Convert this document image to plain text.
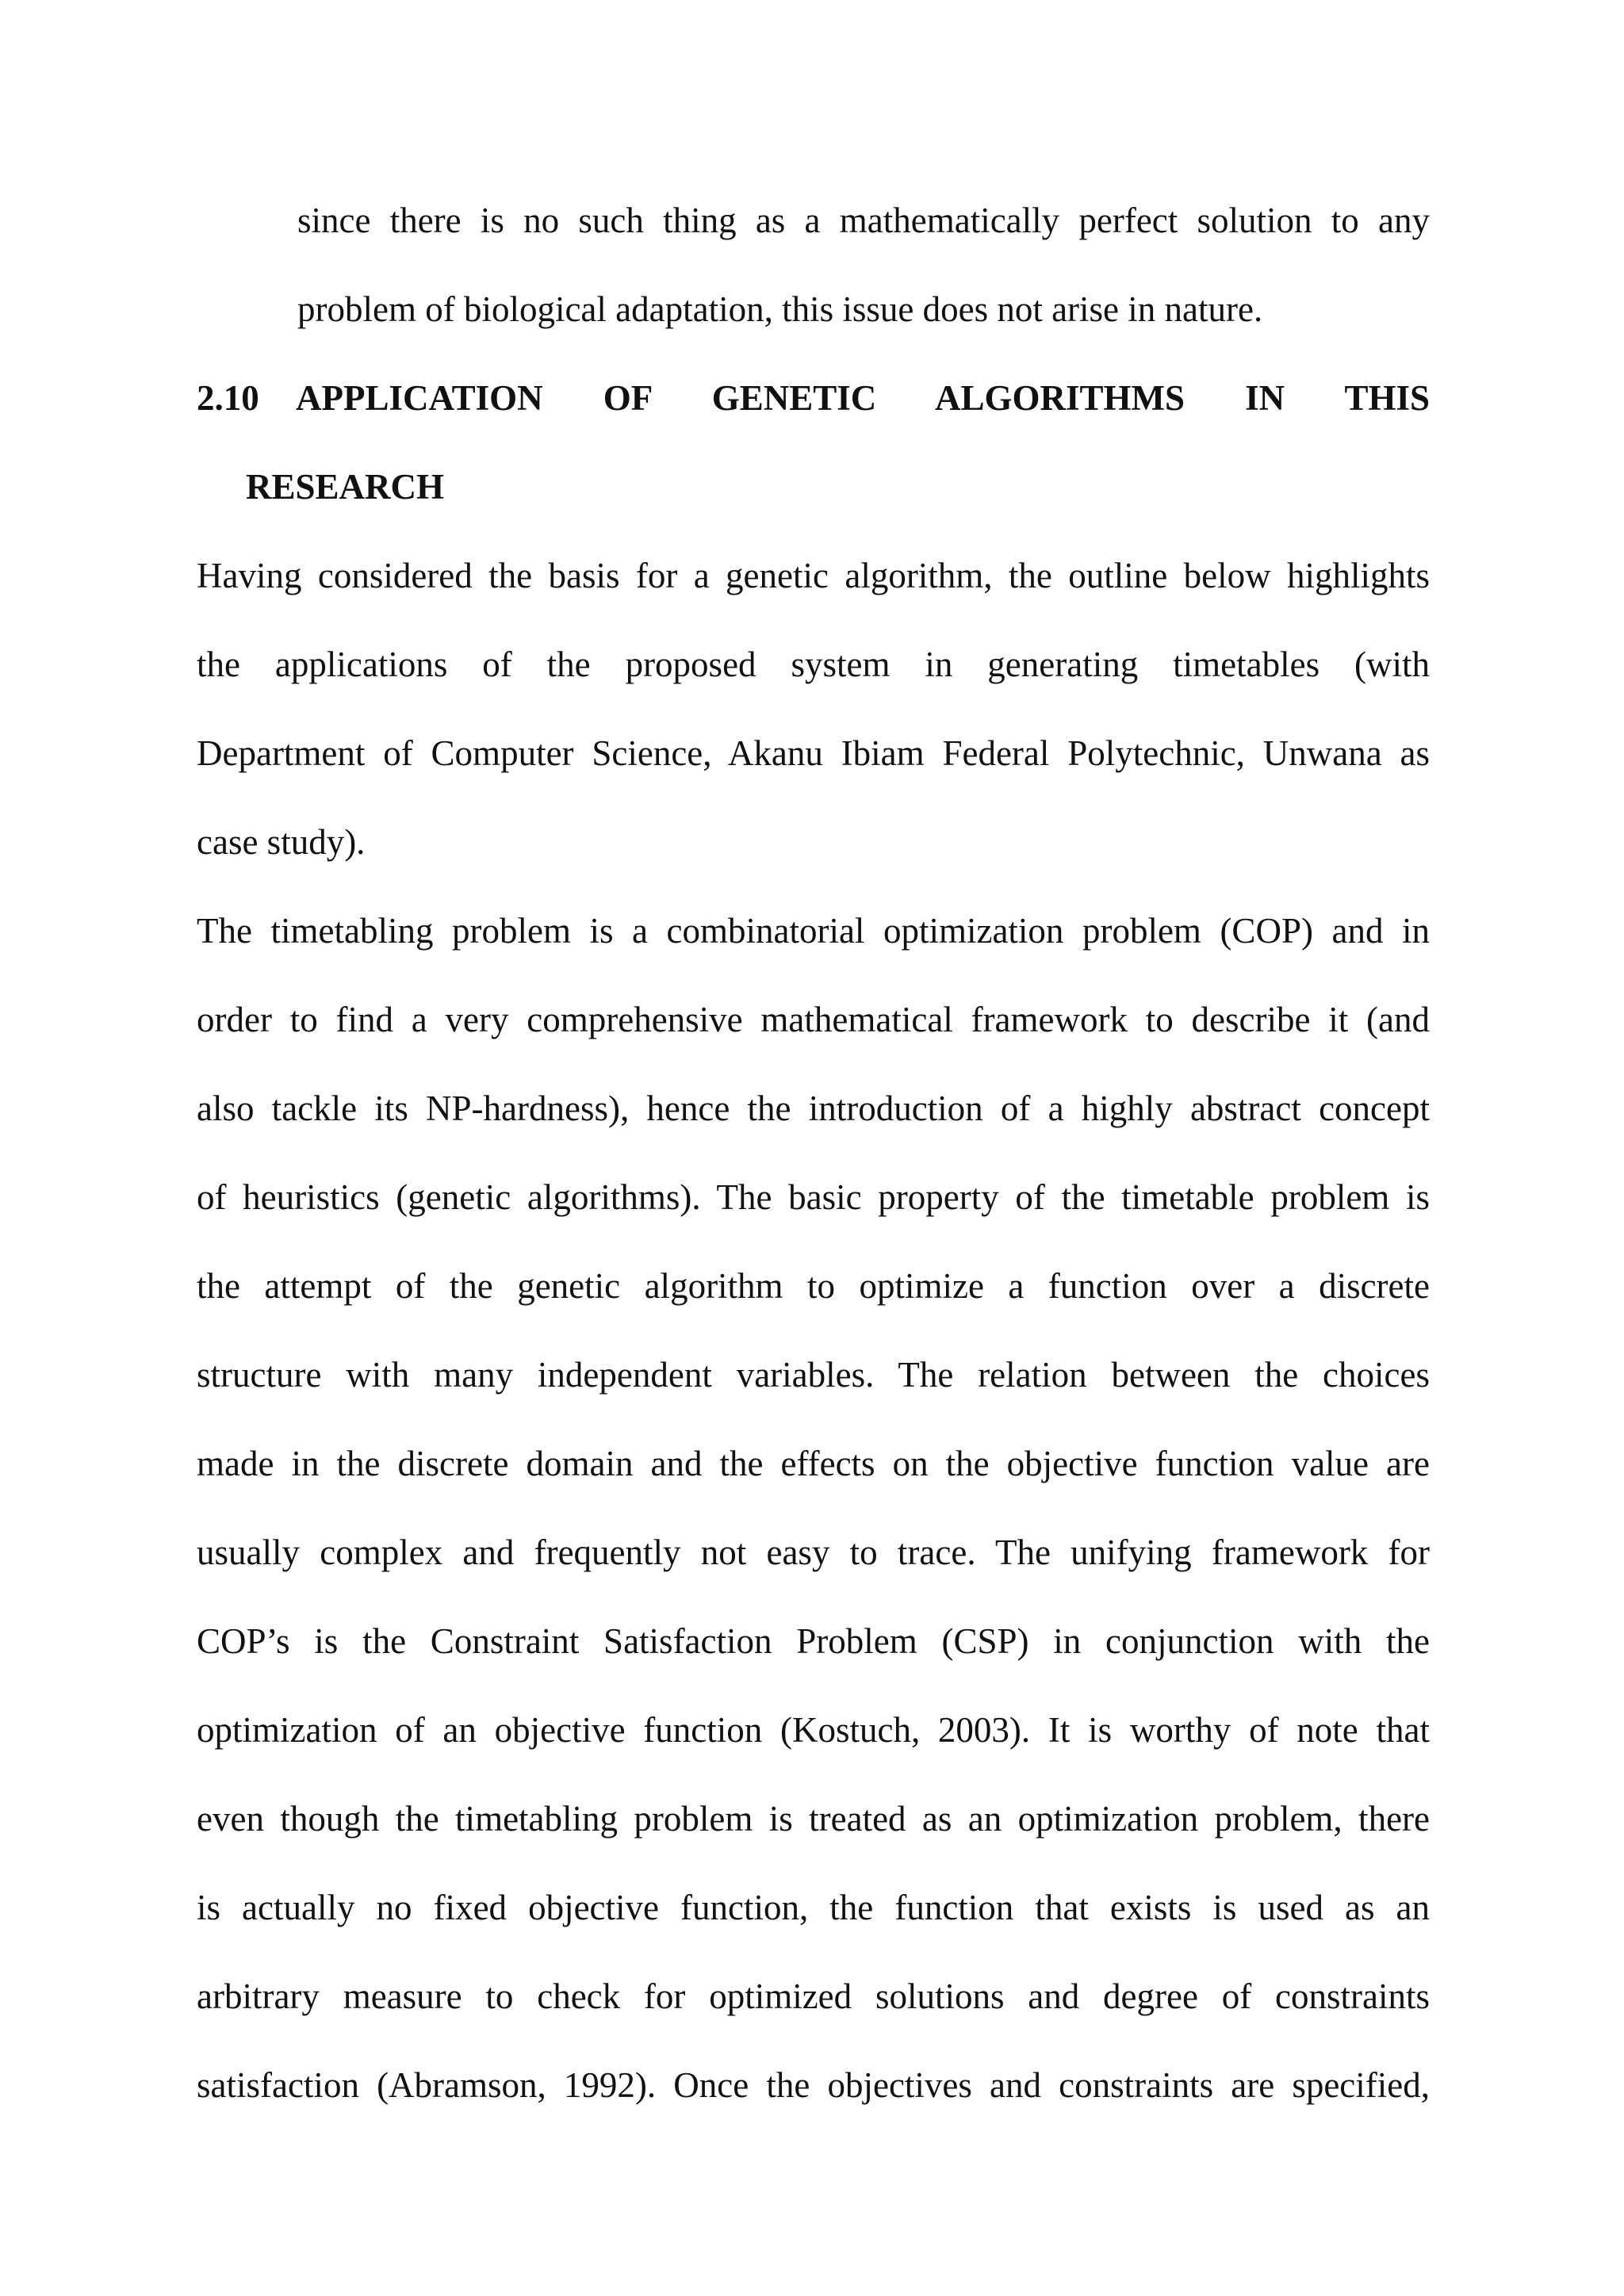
since there is no such thing as a mathematically perfect solution to any
problem of biological adaptation, this issue does not arise in nature.
2.10 APPLICATION OF GENETIC ALGORITHMS IN THIS
RESEARCH
Having considered the basis for a genetic algorithm, the outline below highlights
the applications of the proposed system in generating timetables (with
Department of Computer Science, Akanu Ibiam Federal Polytechnic, Unwana as
case study).
The timetabling problem is a combinatorial optimization problem (COP) and in
order to find a very comprehensive mathematical framework to describe it (and
also tackle its NP-hardness), hence the introduction of a highly abstract concept
of heuristics (genetic algorithms). The basic property of the timetable problem is
the attempt of the genetic algorithm to optimize a function over a discrete
structure with many independent variables. The relation between the choices
made in the discrete domain and the effects on the objective function value are
usually complex and frequently not easy to trace. The unifying framework for
COP’s is the Constraint Satisfaction Problem (CSP) in conjunction with the
optimization of an objective function (Kostuch, 2003). It is worthy of note that
even though the timetabling problem is treated as an optimization problem, there
is actually no fixed objective function, the function that exists is used as an
arbitrary measure to check for optimized solutions and degree of constraints
satisfaction (Abramson, 1992). Once the objectives and constraints are specified,
